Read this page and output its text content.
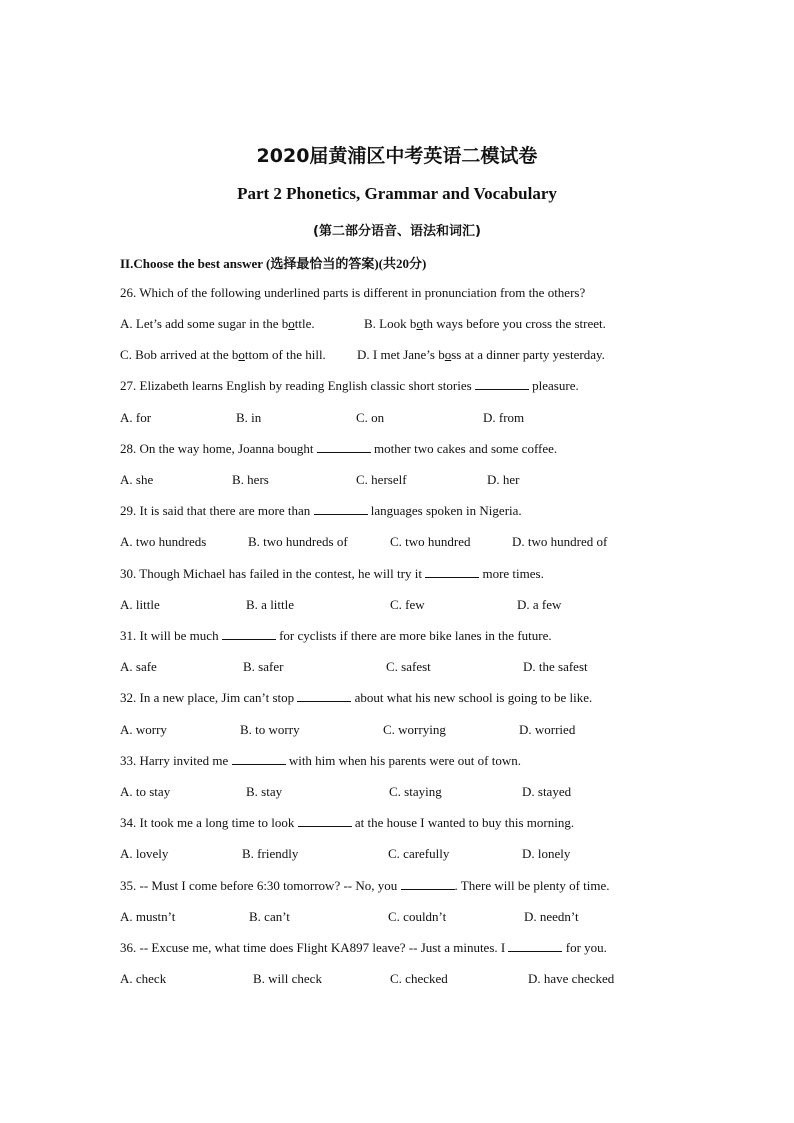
2020届黄浦区中考英语二模试卷
Part 2 Phonetics, Grammar and Vocabulary
(第二部分语音、语法和词汇)
II.Choose the best answer (选择最恰当的答案)(共20分)
26. Which of the following underlined parts is different in pronunciation from the others?
A. Let’s add some sugar in the bottle.	B. Look both ways before you cross the street.
C. Bob arrived at the bottom of the hill. D. I met Jane’s boss at a dinner party yesterday.
27. Elizabeth learns English by reading English classic short stories	pleasure.
A. for	B. in	C. on	D. from
28. On the way home, Joanna bought	mother two cakes and some coffee.
A. she	B. hers	C. herself	D. her
29. It is said that there are more than	languages spoken in Nigeria.
A. two hundreds	B. two hundreds of	C. two hundred	D. two hundred of
30. Though Michael has failed in the contest, he will try it	more times.
A. little	B. a little	C. few	D. a few
31. It will be much	for cyclists if there are more bike lanes in the future.
A. safe	B. safer	C. safest	D. the safest
32. In a new place, Jim can’t stop	about what his new school is going to be like.
A. worry	B. to worry	C. worrying	D. worried
33. Harry invited me	with him when his parents were out of town.
A. to stay	B. stay	C. staying	D. stayed
34. It took me a long time to look	at the house I wanted to buy this morning.
A. lovely	B. friendly	C. carefully	D. lonely
35. -- Must I come before 6:30 tomorrow? -- No, you	. There will be plenty of time.
A. mustn’t	B. can’t	C. couldn’t	D. needn’t
36. -- Excuse me, what time does Flight KA897 leave? -- Just a minutes. I	for you.
A. check	B. will check	C. checked	D. have checked
